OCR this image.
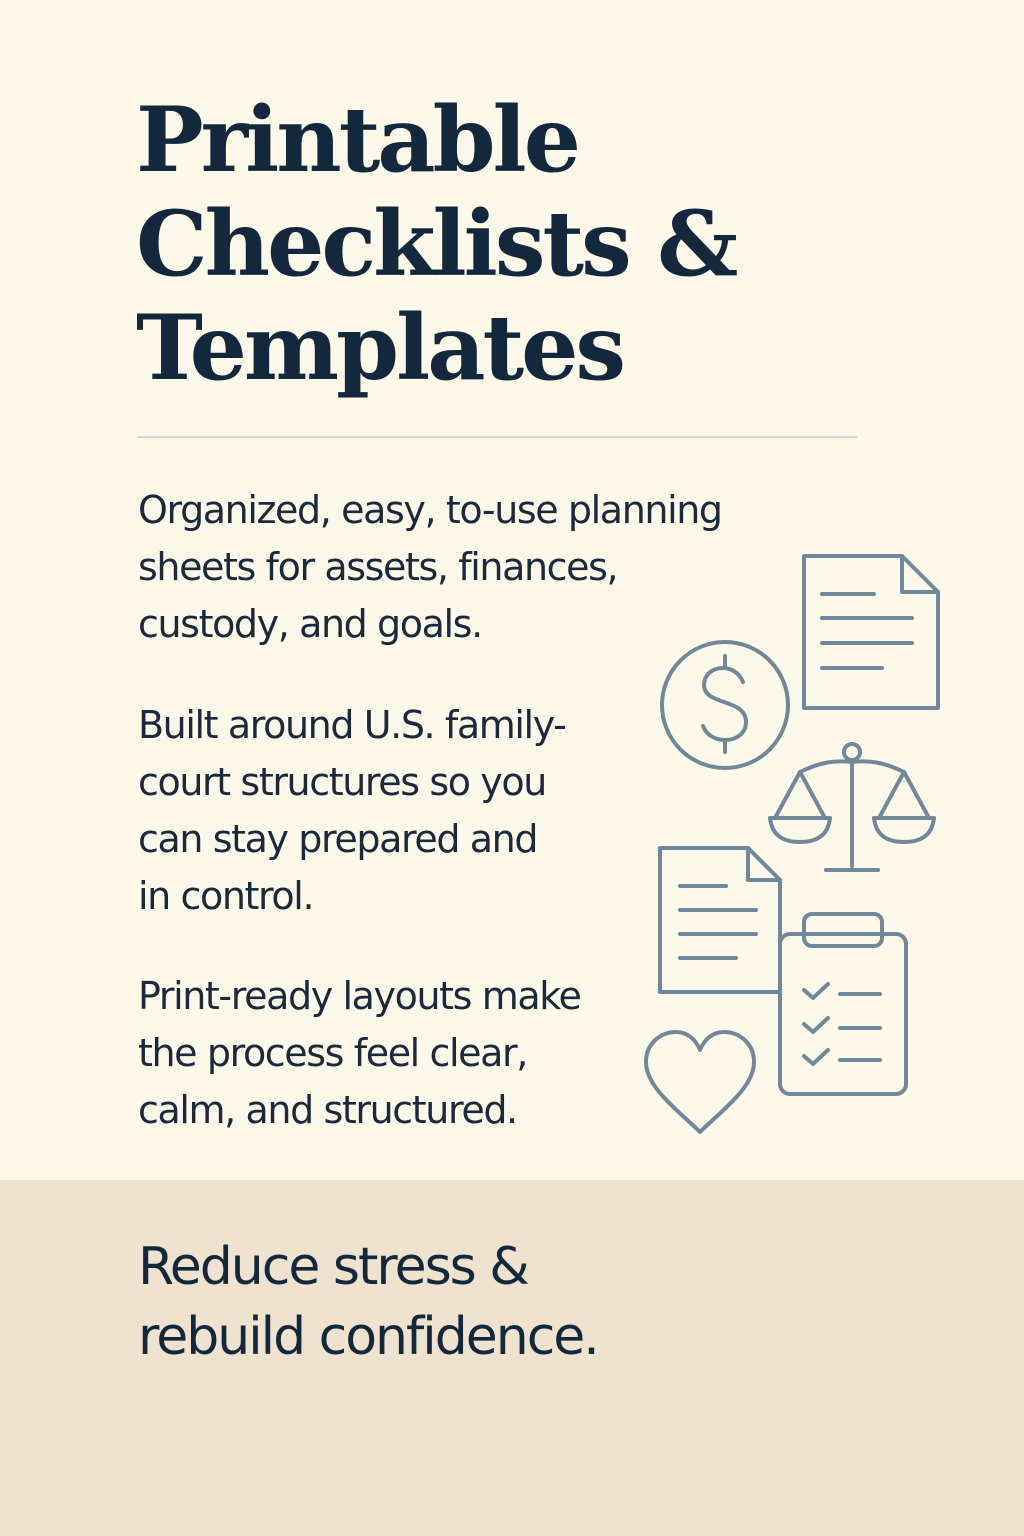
Printable
Checklists &
Templates

Organized, easy, to-use planning
sheets for assets, finances,
custody, and goals.

Built around U.S. family-
court structures so you
can stay prepared and
in control.

Print-ready layouts make
the process feel clear,
calm, and structured.

Reduce stress &
rebuild confidence.
